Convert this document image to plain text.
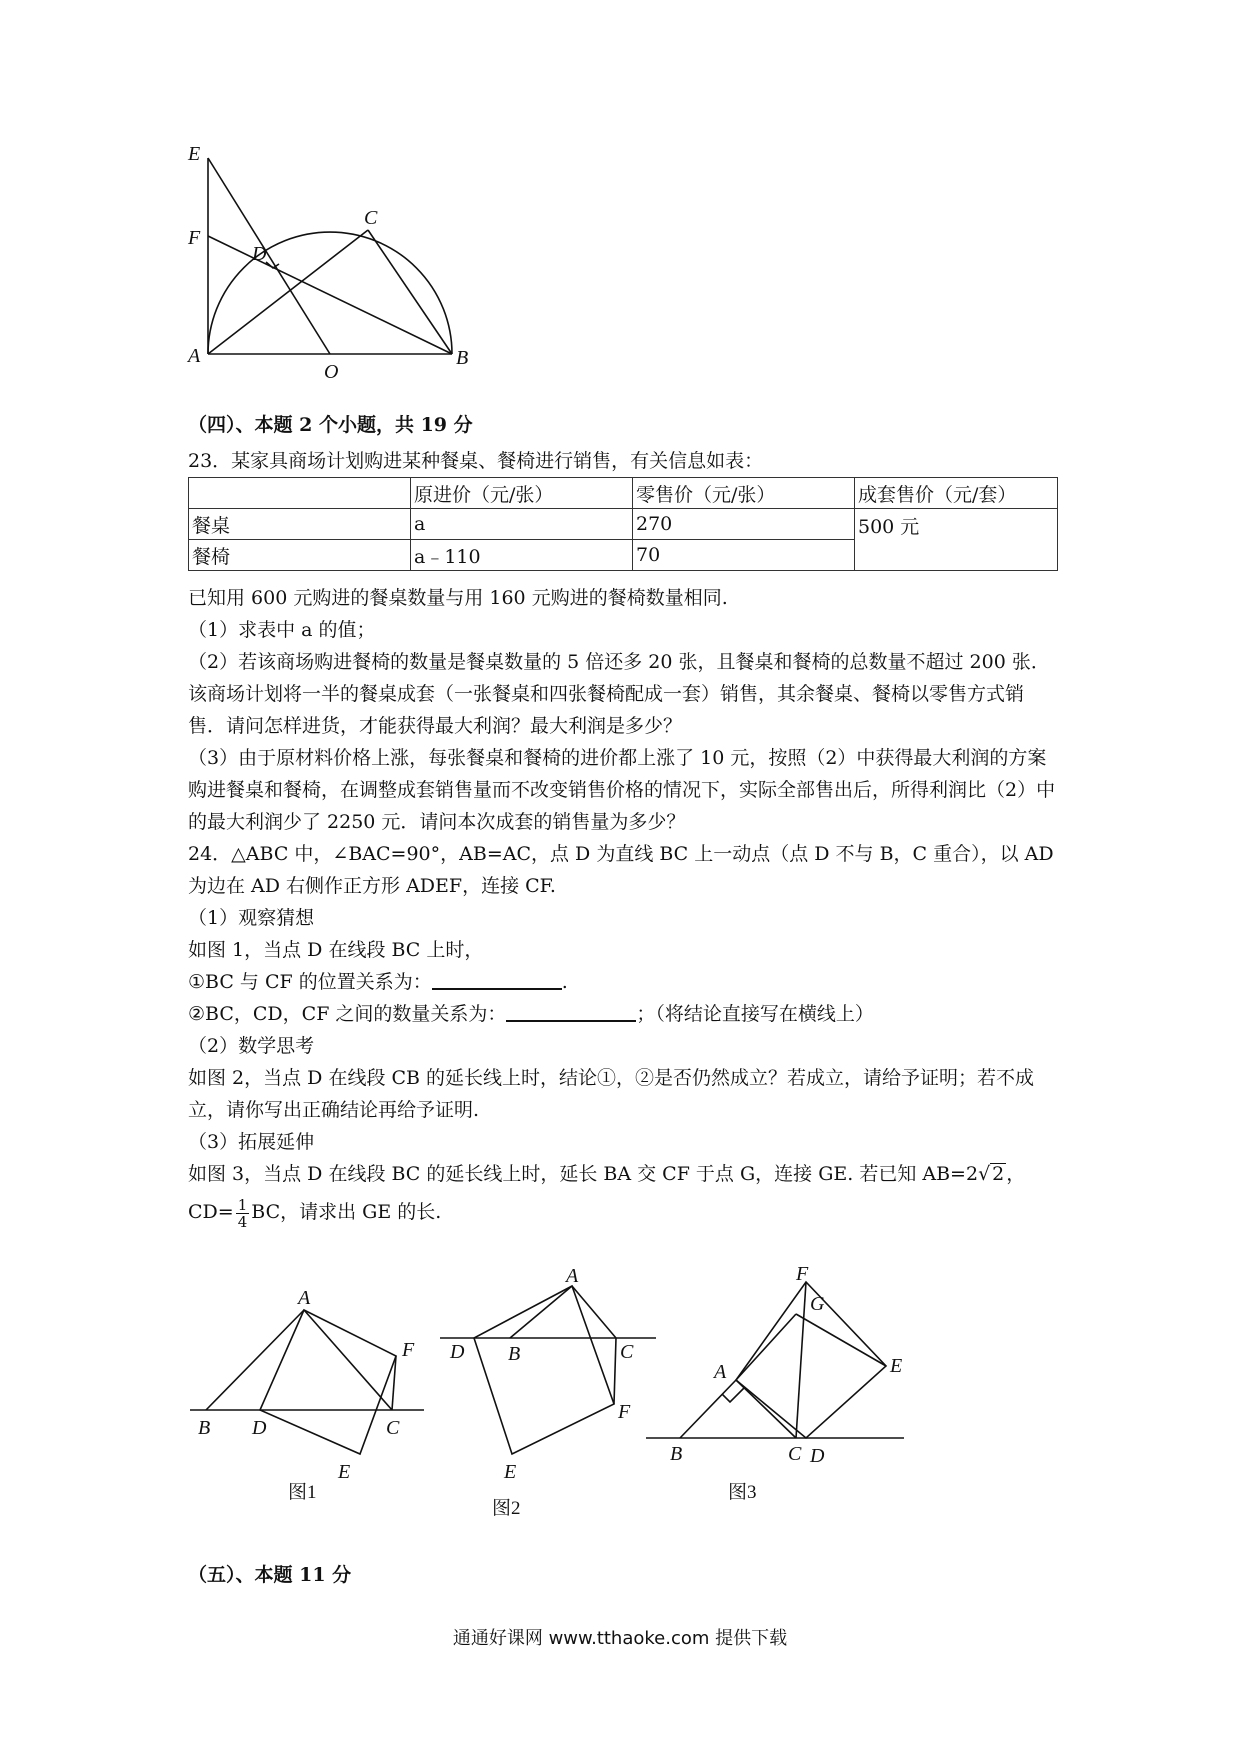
E
F
A
O
B
C
D
（四）、本题 2 个小题，共 19 分
23．某家具商场计划购进某种餐桌、餐椅进行销售，有关信息如表：
	原进价（元/张）	零售价（元/张）	成套售价（元/套）
餐桌	a	270	500 元
餐椅	a﹣110	70	

已知用 600 元购进的餐桌数量与用 160 元购进的餐椅数量相同.

（1）求表中 a 的值；

（2）若该商场购进餐椅的数量是餐桌数量的 5 倍还多 20 张，且餐桌和餐椅的总数量不超过 200 张．该商场计划将一半的餐桌成套（一张餐桌和四张餐椅配成一套）销售，其余餐桌、餐椅以零售方式销售．请问怎样进货，才能获得最大利润？最大利润是多少？

（3）由于原材料价格上涨，每张餐桌和餐椅的进价都上涨了 10 元，按照（2）中获得最大利润的方案购进餐桌和餐椅，在调整成套销售量而不改变销售价格的情况下，实际全部售出后，所得利润比（2）中的最大利润少了 2250 元．请问本次成套的销售量为多少？

24．△ABC 中，∠BAC=90°，AB=AC，点 D 为直线 BC 上一动点（点 D 不与 B，C 重合），以 AD 为边在 AD 右侧作正方形 ADEF，连接 CF.

（1）观察猜想

如图 1，当点 D 在线段 BC 上时，

①BC 与 CF 的位置关系为：	.

②BC，CD，CF 之间的数量关系为：	；（将结论直接写在横线上）

（2）数学思考

如图 2，当点 D 在线段 CB 的延长线上时，结论①，②是否仍然成立？若成立，请给予证明；若不成立，请你写出正确结论再给予证明.

（3）拓展延伸

如图 3，当点 D 在线段 BC 的延长线上时，延长 BA 交 CF 于点 G，连接 GE. 若已知 AB=2√ 2 ，

$CD= \frac{1}{4}$ BC，请求出 GE 的长.

A
B D	C
F
E
图1
A
D B	C
F
E
图2
F
G
A	E
B	C D
图3
（五）、本题 11 分
通通好课网 www.tthaoke.com 提供下载
